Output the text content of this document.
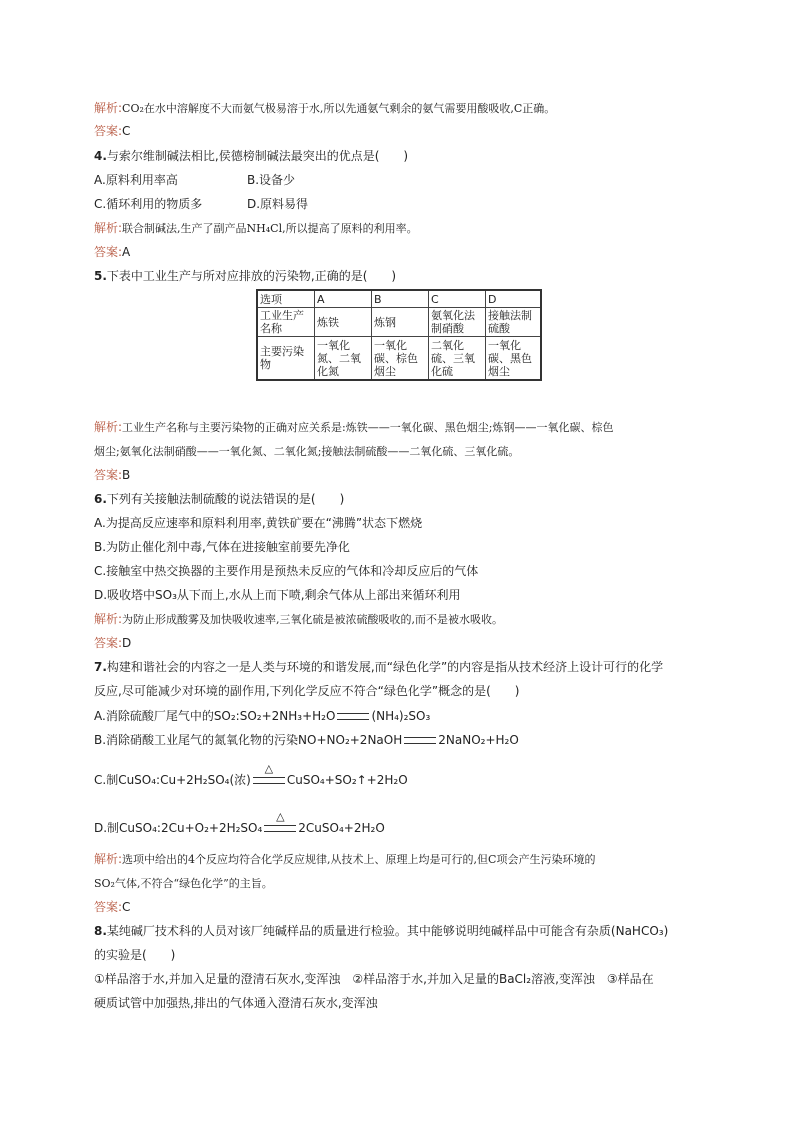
解析:CO₂在水中溶解度不大而氨气极易溶于水,所以先通氨气剩余的氨气需要用酸吸收,C正确。
答案:C
4.与索尔维制碱法相比,侯德榜制碱法最突出的优点是(　　)
A.原料利用率高	B.设备少
C.循环利用的物质多	D.原料易得
解析:联合制碱法,生产了副产品NH₄Cl,所以提高了原料的利用率。
答案:A
5.下表中工业生产与所对应排放的污染物,正确的是(　　)
选项	A	B	C	D
工业生产名称	炼铁	炼钢	氨氧化法制硝酸	接触法制硫酸
主要污染物	一氧化氮、二氧化氮	一氧化碳、棕色烟尘	二氧化硫、三氧化硫	一氧化碳、黑色烟尘
解析:工业生产名称与主要污染物的正确对应关系是:炼铁——一氧化碳、黑色烟尘;炼钢——一氧化碳、棕色
烟尘;氨氧化法制硝酸——一氧化氮、二氧化氮;接触法制硫酸——二氧化硫、三氧化硫。
答案:B
6.下列有关接触法制硫酸的说法错误的是(　　)
A.为提高反应速率和原料利用率,黄铁矿要在“沸腾”状态下燃烧
B.为防止催化剂中毒,气体在进接触室前要先净化
C.接触室中热交换器的主要作用是预热未反应的气体和冷却反应后的气体
D.吸收塔中SO₃从下而上,水从上而下喷,剩余气体从上部出来循环利用
解析:为防止形成酸雾及加快吸收速率,三氧化硫是被浓硫酸吸收的,而不是被水吸收。
答案:D
7.构建和谐社会的内容之一是人类与环境的和谐发展,而“绿色化学”的内容是指从技术经济上设计可行的化学
反应,尽可能减少对环境的副作用,下列化学反应不符合“绿色化学”概念的是(　　)
A.消除硫酸厂尾气中的SO₂:SO₂+2NH₃+H₂O	(NH₄)₂SO₃
B.消除硝酸工业尾气的氮氧化物的污染NO+NO₂+2NaOH	2NaNO₂+H₂O
C.制CuSO₄:Cu+2H₂SO₄(浓)
△
CuSO₄+SO₂↑+2H₂O
D.制CuSO₄:2Cu+O₂+2H₂SO₄
△
2CuSO₄+2H₂O
解析:选项中给出的4个反应均符合化学反应规律,从技术上、原理上均是可行的,但C项会产生污染环境的
SO₂气体,不符合“绿色化学”的主旨。
答案:C
8.某纯碱厂技术科的人员对该厂纯碱样品的质量进行检验。其中能够说明纯碱样品中可能含有杂质(NaHCO₃)
的实验是(　　)
①样品溶于水,并加入足量的澄清石灰水,变浑浊　②样品溶于水,并加入足量的BaCl₂溶液,变浑浊　③样品在
硬质试管中加强热,排出的气体通入澄清石灰水,变浑浊
